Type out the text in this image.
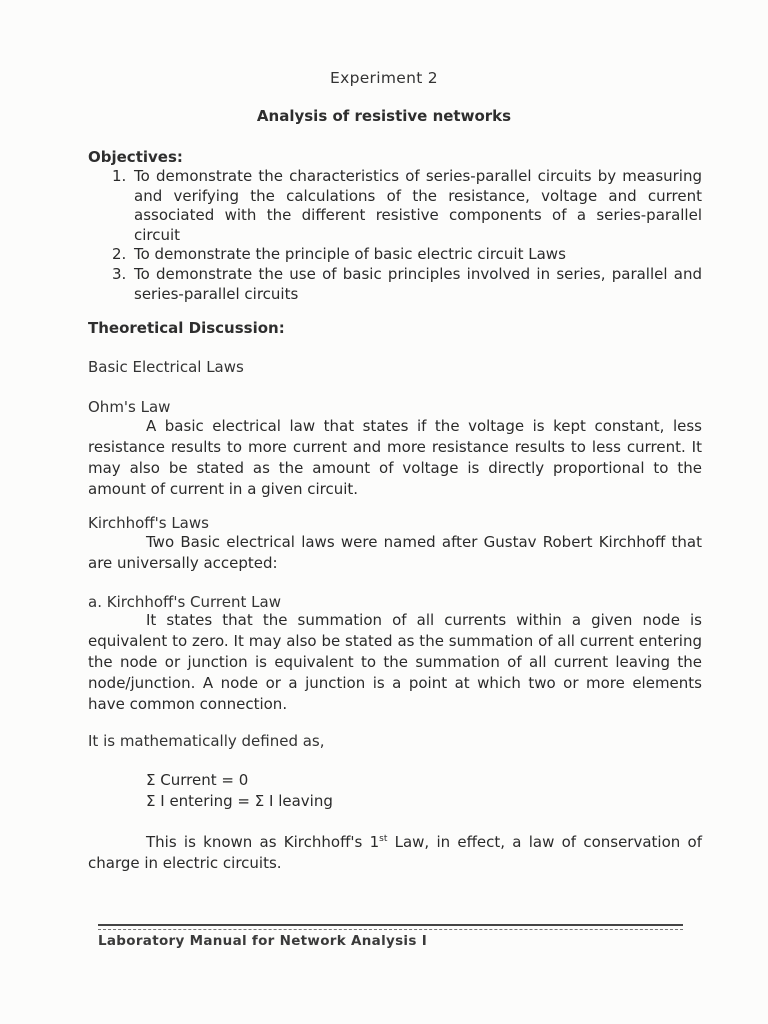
Experiment 2
Analysis of resistive networks
Objectives:
1. To demonstrate the characteristics of series-parallel circuits by measuring and verifying the calculations of the resistance, voltage and current associated with the different resistive components of a series-parallel circuit
2. To demonstrate the principle of basic electric circuit Laws
3. To demonstrate the use of basic principles involved in series, parallel and series-parallel circuits
Theoretical Discussion:
Basic Electrical Laws
Ohm's Law

A basic electrical law that states if the voltage is kept constant, less resistance results to more current and more resistance results to less current. It may also be stated as the amount of voltage is directly proportional to the amount of current in a given circuit.

Kirchhoff's Laws

Two Basic electrical laws were named after Gustav Robert Kirchhoff that are universally accepted:

a. Kirchhoff's Current Law

It states that the summation of all currents within a given node is equivalent to zero. It may also be stated as the summation of all current entering the node or junction is equivalent to the summation of all current leaving the node/junction. A node or a junction is a point at which two or more elements have common connection.

It is mathematically defined as,
Σ Current = 0
Σ I entering = Σ I leaving

This is known as Kirchhoff's 1st Law, in effect, a law of conservation of charge in electric circuits.

Laboratory Manual for Network Analysis I
